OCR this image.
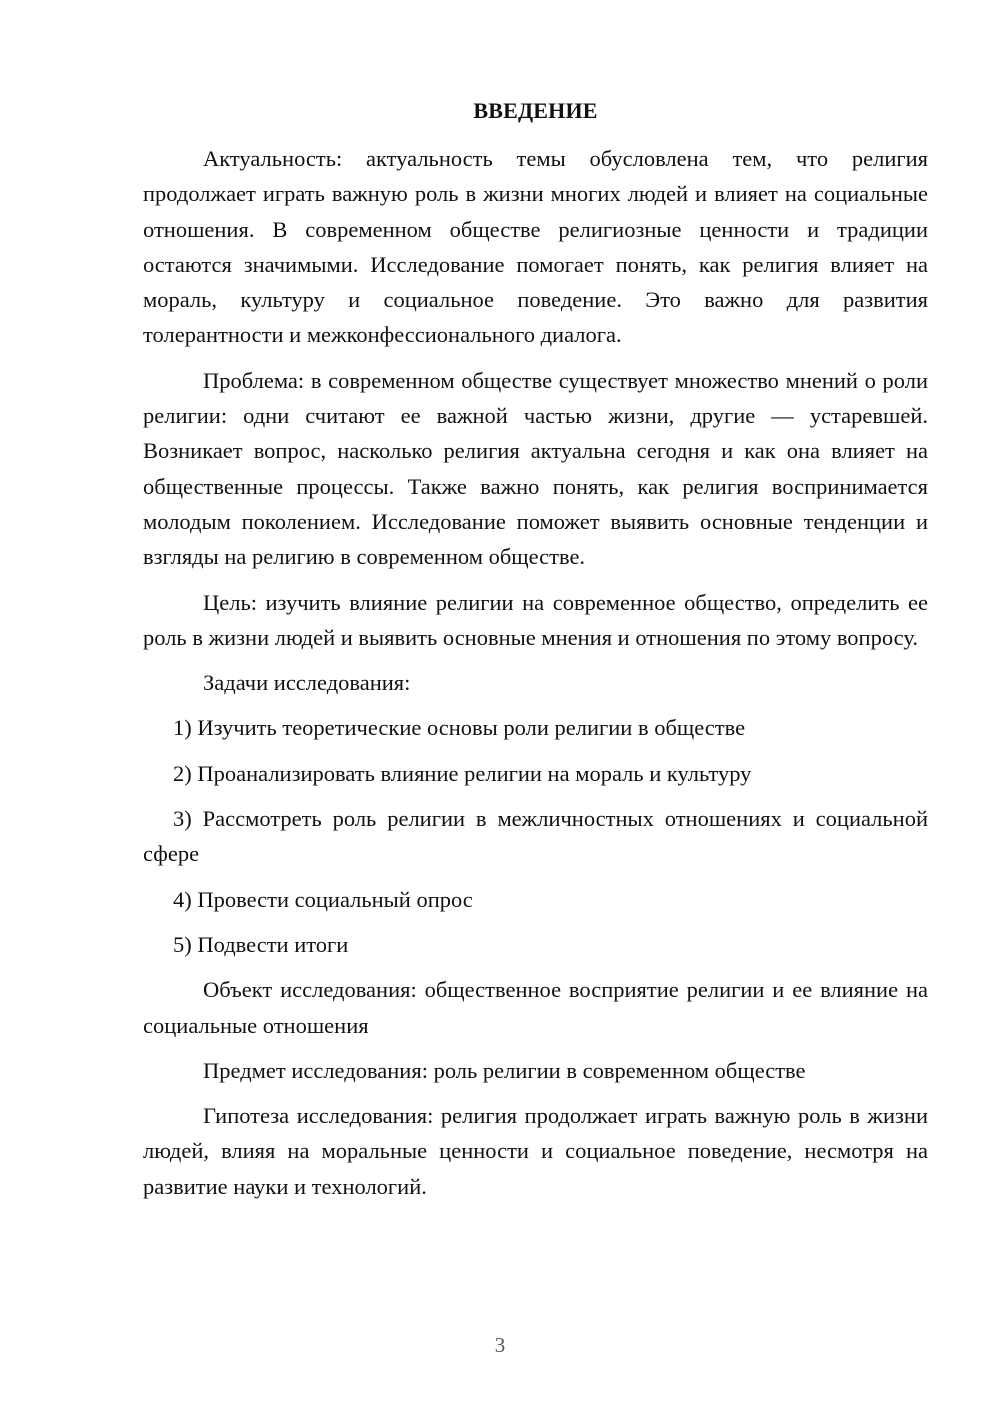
ВВЕДЕНИЕ

Актуальность: актуальность темы обусловлена тем, что религия продолжает играть важную роль в жизни многих людей и влияет на социальные отношения. В современном обществе религиозные ценности и традиции остаются значимыми. Исследование помогает понять, как религия влияет на мораль, культуру и социальное поведение. Это важно для развития толерантности и межконфессионального диалога.

Проблема: в современном обществе существует множество мнений о роли религии: одни считают ее важной частью жизни, другие — устаревшей. Возникает вопрос, насколько религия актуальна сегодня и как она влияет на общественные процессы. Также важно понять, как религия воспринимается молодым поколением. Исследование поможет выявить основные тенденции и взгляды на религию в современном обществе.

Цель: изучить влияние религии на современное общество, определить ее роль в жизни людей и выявить основные мнения и отношения по этому вопросу.

Задачи исследования:

1) Изучить теоретические основы роли религии в обществе

2) Проанализировать влияние религии на мораль и культуру

3) Рассмотреть роль религии в межличностных отношениях и социальной сфере

4) Провести социальный опрос

5) Подвести итоги

Объект исследования: общественное восприятие религии и ее влияние на социальные отношения

Предмет исследования: роль религии в современном обществе

Гипотеза исследования: религия продолжает играть важную роль в жизни людей, влияя на моральные ценности и социальное поведение, несмотря на развитие науки и технологий.

3
